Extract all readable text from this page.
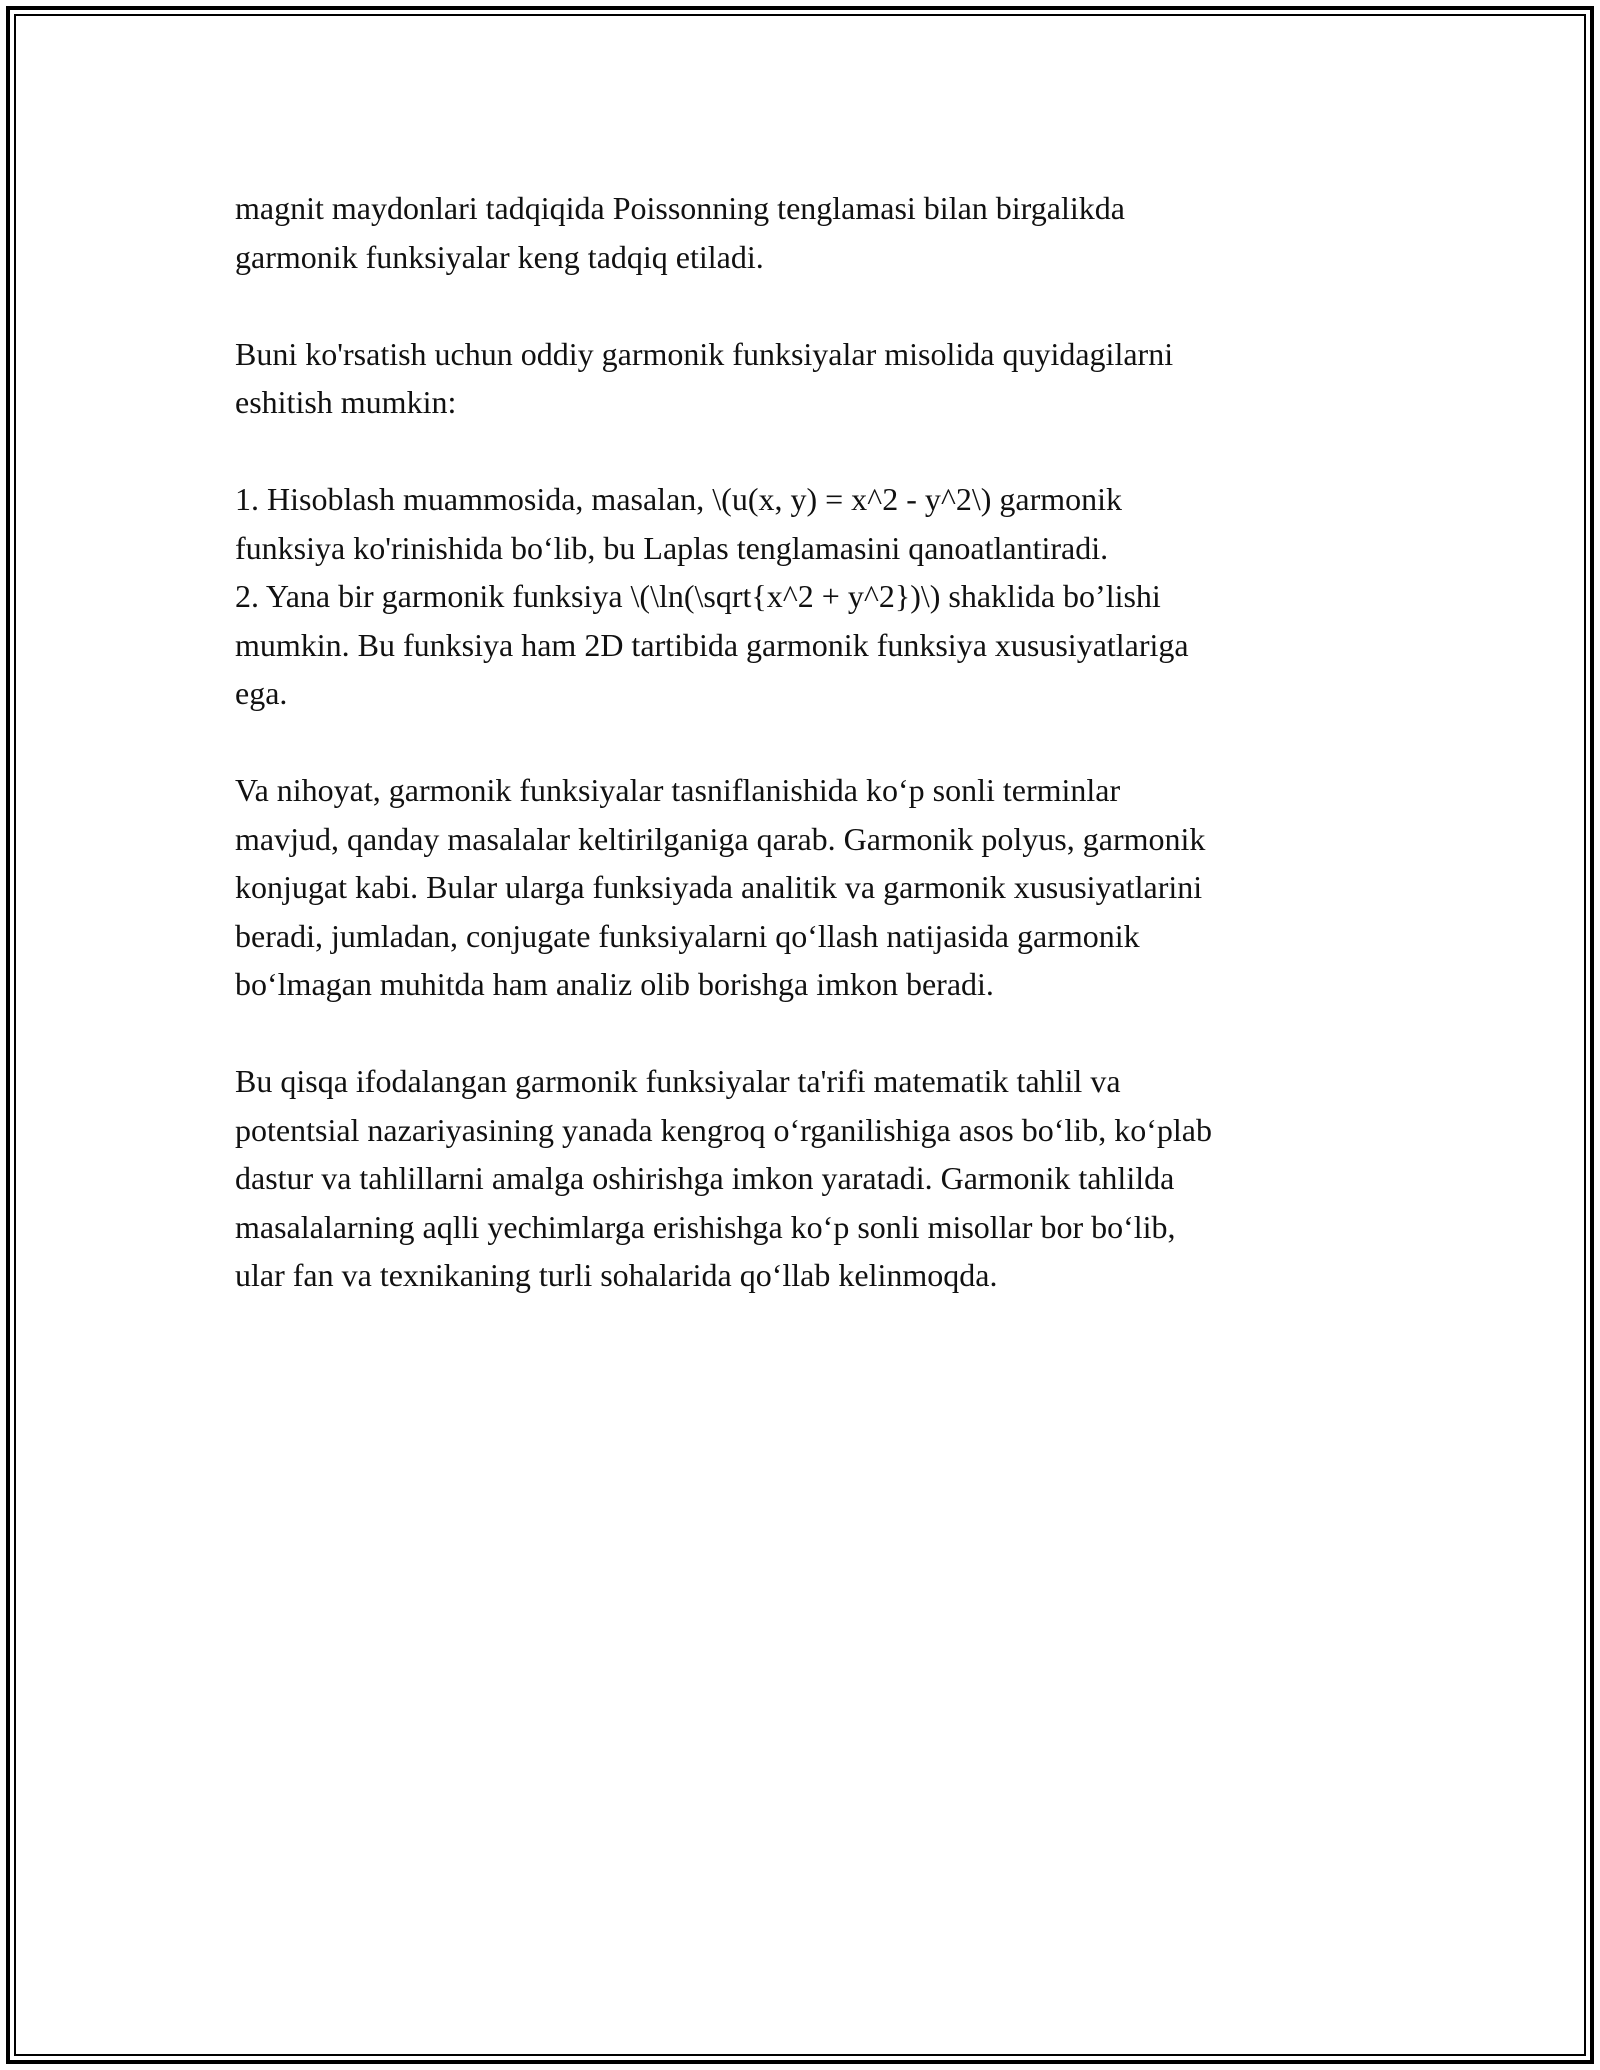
magnit maydonlari tadqiqida Poissonning tenglamasi bilan birgalikda
garmonik funksiyalar keng tadqiq etiladi.

Buni ko'rsatish uchun oddiy garmonik funksiyalar misolida quyidagilarni
eshitish mumkin:

1. Hisoblash muammosida, masalan, \(u(x, y) = x^2 - y^2\) garmonik
funksiya ko'rinishida bo‘lib, bu Laplas tenglamasini qanoatlantiradi.
2. Yana bir garmonik funksiya \(\ln(\sqrt{x^2 + y^2})\) shaklida bo’lishi
mumkin. Bu funksiya ham 2D tartibida garmonik funksiya xususiyatlariga
ega.

Va nihoyat, garmonik funksiyalar tasniflanishida ko‘p sonli terminlar
mavjud, qanday masalalar keltirilganiga qarab. Garmonik polyus, garmonik
konjugat kabi. Bular ularga funksiyada analitik va garmonik xususiyatlarini
beradi, jumladan, conjugate funksiyalarni qo‘llash natijasida garmonik
bo‘lmagan muhitda ham analiz olib borishga imkon beradi.

Bu qisqa ifodalangan garmonik funksiyalar ta'rifi matematik tahlil va
potentsial nazariyasining yanada kengroq o‘rganilishiga asos bo‘lib, ko‘plab
dastur va tahlillarni amalga oshirishga imkon yaratadi. Garmonik tahlilda
masalalarning aqlli yechimlarga erishishga ko‘p sonli misollar bor bo‘lib,
ular fan va texnikaning turli sohalarida qo‘llab kelinmoqda.
